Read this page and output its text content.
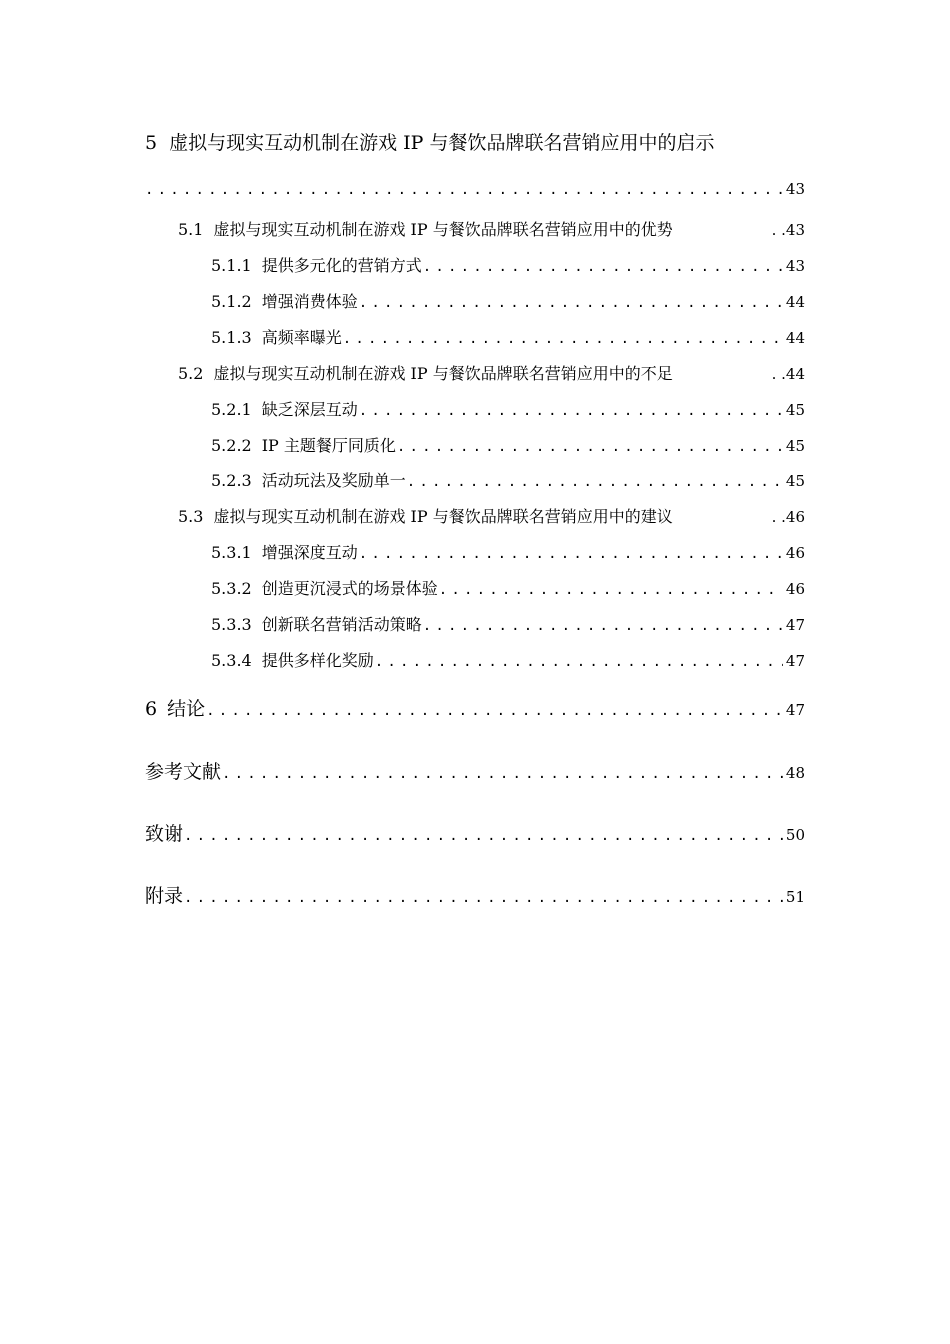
5 虚拟与现实互动机制在游戏 IP 与餐饮品牌联名营销应用中的启示
.....
43
5.1 虚拟与现实互动机制在游戏 IP 与餐饮品牌联名营销应用中的优势	. .43
5.1.1 提供多元化的营销方式 .....	43
5.1.2 增强消费体验 .....	44
5.1.3 高频率曝光 .....	44
5.2 虚拟与现实互动机制在游戏 IP 与餐饮品牌联名营销应用中的不足	. .44
5.2.1 缺乏深层互动 .....	45
5.2.2 IP 主题餐厅同质化 .....	45
5.2.3 活动玩法及奖励单一 .....	45
5.3 虚拟与现实互动机制在游戏 IP 与餐饮品牌联名营销应用中的建议	. .46
5.3.1 增强深度互动 .....	46
5.3.2 创造更沉浸式的场景体验 .....	46
5.3.3 创新联名营销活动策略 .....	47
5.3.4 提供多样化奖励 .....	47
6 结论 .....	47
参考文献 .....	48
致谢 .....	50
附录 .....	51
